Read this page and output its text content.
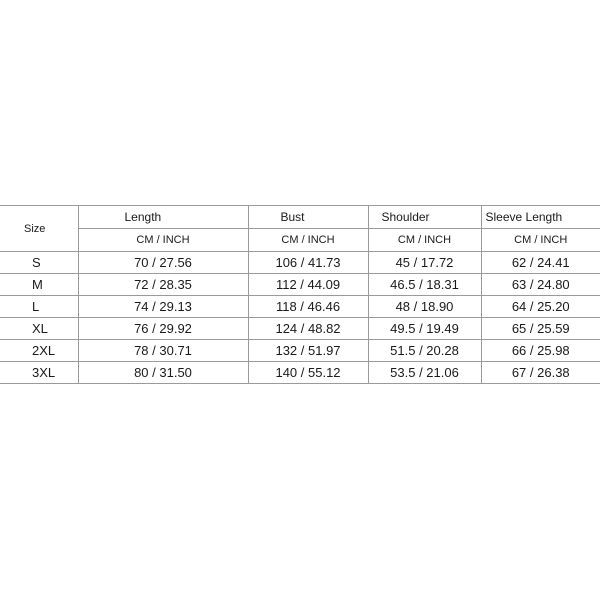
Size	Length	Bust	Shoulder	Sleeve Length
	CM / INCH	CM / INCH	CM / INCH	CM / INCH
S	70 / 27.56	106 / 41.73	45 / 17.72	62 / 24.41
M	72 / 28.35	112 / 44.09	46.5 / 18.31	63 / 24.80
L	74 / 29.13	118 / 46.46	48 / 18.90	64 / 25.20
XL	76 / 29.92	124 / 48.82	49.5 / 19.49	65 / 25.59
2XL	78 / 30.71	132 / 51.97	51.5 / 20.28	66 / 25.98
3XL	80 / 31.50	140 / 55.12	53.5 / 21.06	67 / 26.38
